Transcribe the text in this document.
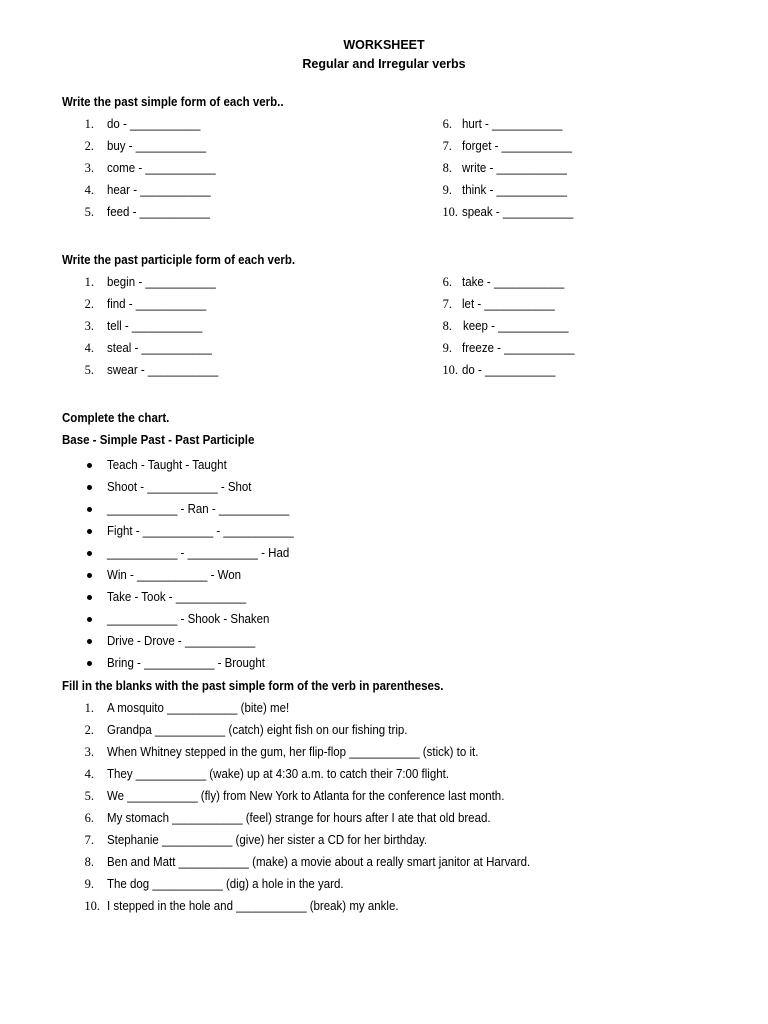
WORKSHEET
Regular and Irregular verbs
Write the past simple form of each verb..
1. do - ___________
2. buy - ___________
3. come - ___________
4. hear - ___________
5. feed - ___________
6. hurt - ___________
7. forget - ___________
8. write - ___________
9. think - ___________
10. speak - ___________
Write the past participle form of each verb.
1. begin - ___________
2. find - ___________
3. tell - ___________
4. steal - ___________
5. swear - ___________
6. take - ___________
7. let - ___________
8. keep - ___________
9. freeze - ___________
10. do - ___________
Complete the chart.
Base - Simple Past - Past Participle
Teach - Taught - Taught
Shoot - ___________ - Shot
___________ - Ran - ___________
Fight - ___________ - ___________
___________ - ___________ - Had
Win - ___________ - Won
Take - Took - ___________
___________ - Shook - Shaken
Drive - Drove - ___________
Bring - ___________ - Brought
Fill in the blanks with the past simple form of the verb in parentheses.
1. A mosquito ___________ (bite) me!
2. Grandpa ___________ (catch) eight fish on our fishing trip.
3. When Whitney stepped in the gum, her flip-flop ___________ (stick) to it.
4. They ___________ (wake) up at 4:30 a.m. to catch their 7:00 flight.
5. We ___________ (fly) from New York to Atlanta for the conference last month.
6. My stomach ___________ (feel) strange for hours after I ate that old bread.
7. Stephanie ___________ (give) her sister a CD for her birthday.
8. Ben and Matt ___________ (make) a movie about a really smart janitor at Harvard.
9. The dog ___________ (dig) a hole in the yard.
10. I stepped in the hole and ___________ (break) my ankle.
